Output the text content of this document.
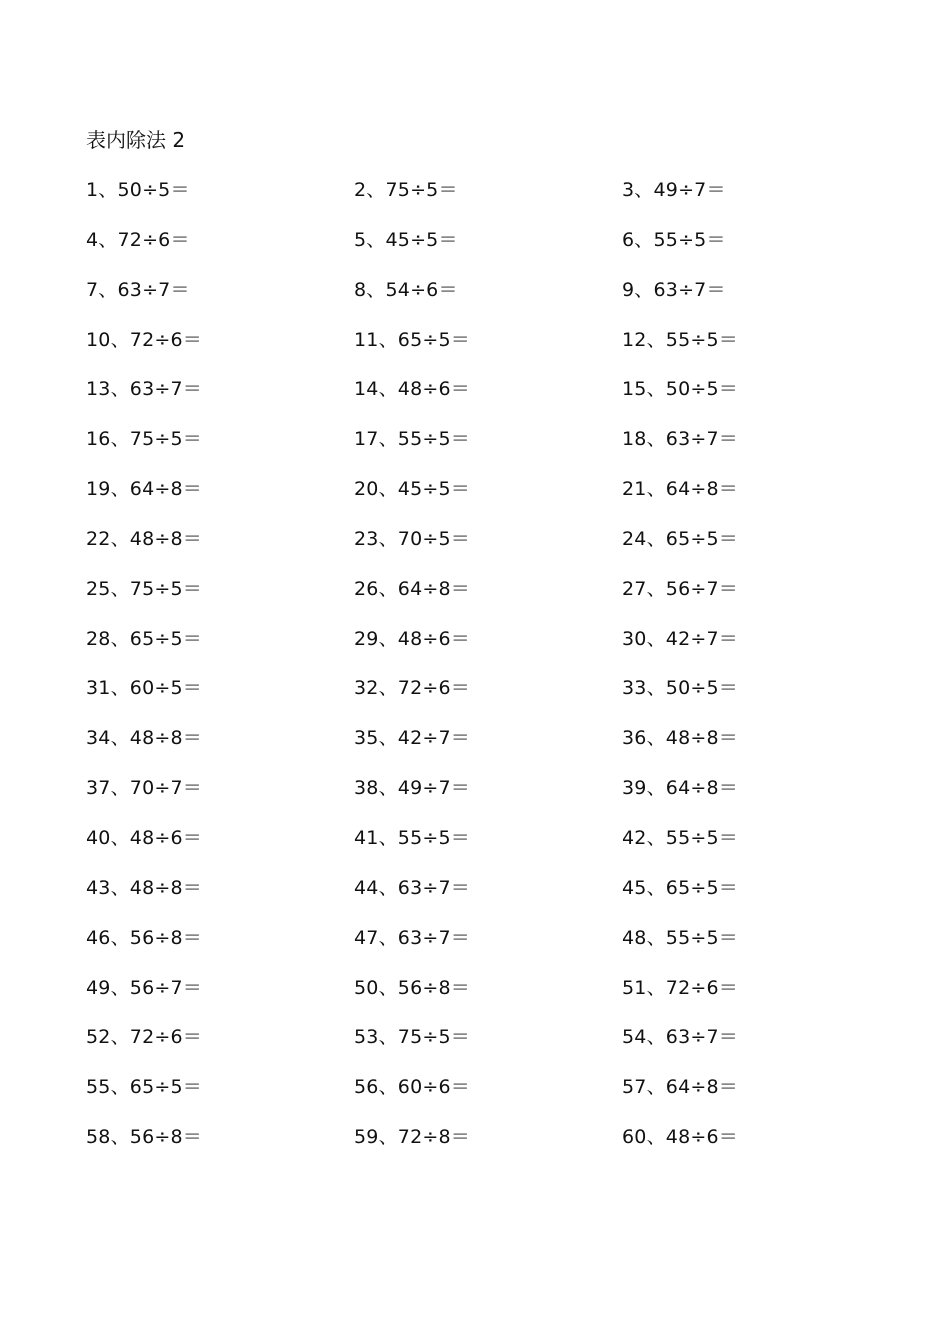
表内除法 2
1、50÷5＝	2、75÷5＝	3、49÷7＝
4、72÷6＝	5、45÷5＝	6、55÷5＝
7、63÷7＝	8、54÷6＝	9、63÷7＝
10、72÷6＝	11、65÷5＝	12、55÷5＝
13、63÷7＝	14、48÷6＝	15、50÷5＝
16、75÷5＝	17、55÷5＝	18、63÷7＝
19、64÷8＝	20、45÷5＝	21、64÷8＝
22、48÷8＝	23、70÷5＝	24、65÷5＝
25、75÷5＝	26、64÷8＝	27、56÷7＝
28、65÷5＝	29、48÷6＝	30、42÷7＝
31、60÷5＝	32、72÷6＝	33、50÷5＝
34、48÷8＝	35、42÷7＝	36、48÷8＝
37、70÷7＝	38、49÷7＝	39、64÷8＝
40、48÷6＝	41、55÷5＝	42、55÷5＝
43、48÷8＝	44、63÷7＝	45、65÷5＝
46、56÷8＝	47、63÷7＝	48、55÷5＝
49、56÷7＝	50、56÷8＝	51、72÷6＝
52、72÷6＝	53、75÷5＝	54、63÷7＝
55、65÷5＝	56、60÷6＝	57、64÷8＝
58、56÷8＝	59、72÷8＝	60、48÷6＝
